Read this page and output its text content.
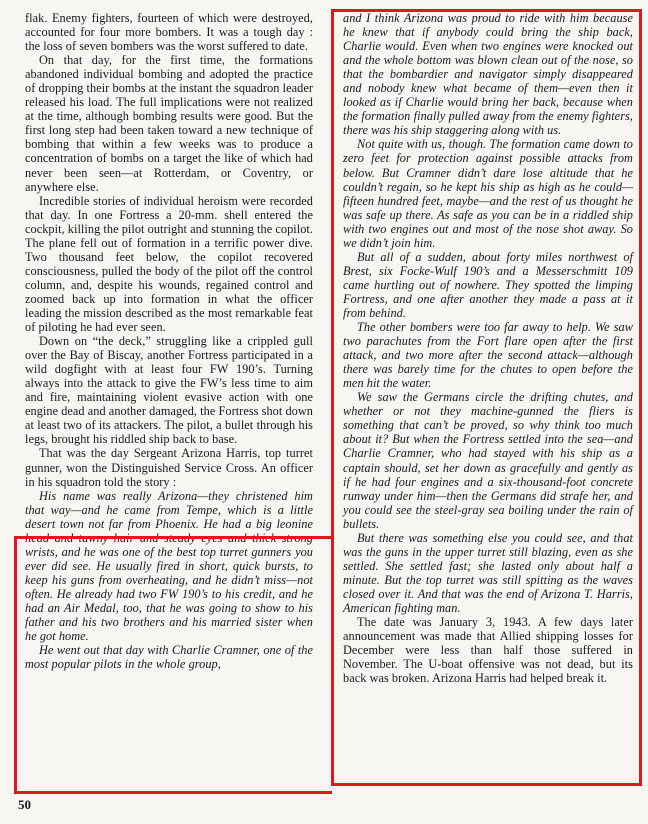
flak. Enemy fighters, fourteen of which were destroyed, accounted for four more bombers. It was a tough day : the loss of seven bombers was the worst suffered to date.

On that day, for the first time, the formations abandoned individual bombing and adopted the practice of dropping their bombs at the instant the squadron leader released his load. The full implications were not realized at the time, although bombing results were good. But the first long step had been taken toward a new technique of bombing that within a few weeks was to produce a concentration of bombs on a target the like of which had never been seen—at Rotterdam, or Coventry, or anywhere else.

Incredible stories of individual heroism were recorded that day. In one Fortress a 20-mm. shell entered the cockpit, killing the pilot outright and stunning the copilot. The plane fell out of formation in a terrific power dive. Two thousand feet below, the copilot recovered consciousness, pulled the body of the pilot off the control column, and, despite his wounds, regained control and zoomed back up into formation in what the officer leading the mission described as the most remarkable feat of piloting he had ever seen.

Down on “the deck,” struggling like a crippled gull over the Bay of Biscay, another Fortress participated in a wild dogfight with at least four FW 190’s. Turning always into the attack to give the FW’s less time to aim and fire, maintaining violent evasive action with one engine dead and another damaged, the Fortress shot down at least two of its attackers. The pilot, a bullet through his legs, brought his riddled ship back to base.

That was the day Sergeant Arizona Harris, top turret gunner, won the Distinguished Service Cross. An officer in his squadron told the story :

His name was really Arizona—they christened him that way—and he came from Tempe, which is a little desert town not far from Phoenix. He had a big leonine head and tawny hair and steady eyes and thick strong wrists, and he was one of the best top turret gunners you ever did see. He usually fired in short, quick bursts, to keep his guns from overheating, and he didn’t miss—not often. He already had two FW 190’s to his credit, and he had an Air Medal, too, that he was going to show to his father and his two brothers and his married sister when he got home.

He went out that day with Charlie Cramner, one of the most popular pilots in the whole group,

and I think Arizona was proud to ride with him because he knew that if anybody could bring the ship back, Charlie would. Even when two engines were knocked out and the whole bottom was blown clean out of the nose, so that the bombardier and navigator simply disappeared and nobody knew what became of them—even then it looked as if Charlie would bring her back, because when the formation finally pulled away from the enemy fighters, there was his ship staggering along with us.

Not quite with us, though. The formation came down to zero feet for protection against possible attacks from below. But Cramner didn’t dare lose altitude that he couldn’t regain, so he kept his ship as high as he could—fifteen hundred feet, maybe—and the rest of us thought he was safe up there. As safe as you can be in a riddled ship with two engines out and most of the nose shot away. So we didn’t join him.

But all of a sudden, about forty miles northwest of Brest, six Focke-Wulf 190’s and a Messerschmitt 109 came hurtling out of nowhere. They spotted the limping Fortress, and one after another they made a pass at it from behind.

The other bombers were too far away to help. We saw two parachutes from the Fort flare open after the first attack, and two more after the second attack—although there was barely time for the chutes to open before the men hit the water.

We saw the Germans circle the drifting chutes, and whether or not they machine-gunned the fliers is something that can’t be proved, so why think too much about it? But when the Fortress settled into the sea—and Charlie Cramner, who had stayed with his ship as a captain should, set her down as gracefully and gently as if he had four engines and a six-thousand-foot concrete runway under him—then the Germans did strafe her, and you could see the steel-gray sea boiling under the rain of bullets.

But there was something else you could see, and that was the guns in the upper turret still blazing, even as she settled. She settled fast; she lasted only about half a minute. But the top turret was still spitting as the waves closed over it. And that was the end of Arizona T. Harris, American fighting man.

The date was January 3, 1943. A few days later announcement was made that Allied shipping losses for December were less than half those suffered in November. The U-boat offensive was not dead, but its back was broken. Arizona Harris had helped break it.

50
